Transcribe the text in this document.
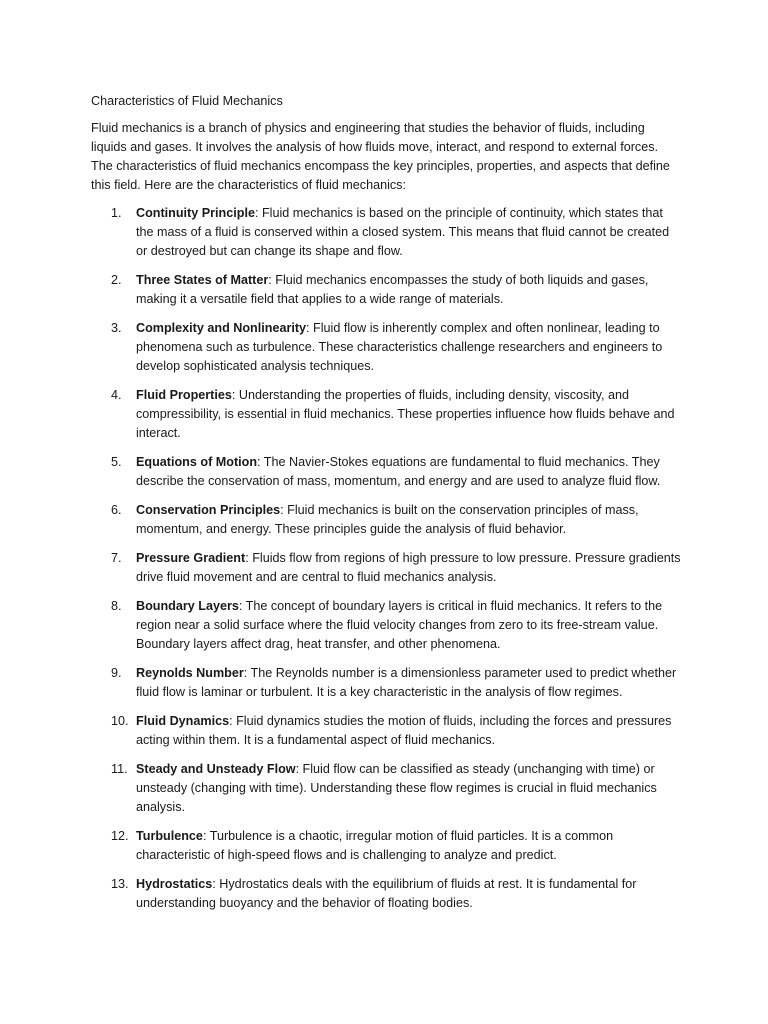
Characteristics of Fluid Mechanics

Fluid mechanics is a branch of physics and engineering that studies the behavior of fluids, including liquids and gases. It involves the analysis of how fluids move, interact, and respond to external forces. The characteristics of fluid mechanics encompass the key principles, properties, and aspects that define this field. Here are the characteristics of fluid mechanics:

1.	Continuity Principle: Fluid mechanics is based on the principle of continuity, which states that the mass of a fluid is conserved within a closed system. This means that fluid cannot be created or destroyed but can change its shape and flow.
2.	Three States of Matter: Fluid mechanics encompasses the study of both liquids and gases, making it a versatile field that applies to a wide range of materials.
3.	Complexity and Nonlinearity: Fluid flow is inherently complex and often nonlinear, leading to phenomena such as turbulence. These characteristics challenge researchers and engineers to develop sophisticated analysis techniques.
4.	Fluid Properties: Understanding the properties of fluids, including density, viscosity, and compressibility, is essential in fluid mechanics. These properties influence how fluids behave and interact.
5.	Equations of Motion: The Navier-Stokes equations are fundamental to fluid mechanics. They describe the conservation of mass, momentum, and energy and are used to analyze fluid flow.
6.	Conservation Principles: Fluid mechanics is built on the conservation principles of mass, momentum, and energy. These principles guide the analysis of fluid behavior.
7.	Pressure Gradient: Fluids flow from regions of high pressure to low pressure. Pressure gradients drive fluid movement and are central to fluid mechanics analysis.
8.	Boundary Layers: The concept of boundary layers is critical in fluid mechanics. It refers to the region near a solid surface where the fluid velocity changes from zero to its free-stream value. Boundary layers affect drag, heat transfer, and other phenomena.
9.	Reynolds Number: The Reynolds number is a dimensionless parameter used to predict whether fluid flow is laminar or turbulent. It is a key characteristic in the analysis of flow regimes.
10. Fluid Dynamics: Fluid dynamics studies the motion of fluids, including the forces and pressures acting within them. It is a fundamental aspect of fluid mechanics.
11. Steady and Unsteady Flow: Fluid flow can be classified as steady (unchanging with time) or unsteady (changing with time). Understanding these flow regimes is crucial in fluid mechanics analysis.
12. Turbulence: Turbulence is a chaotic, irregular motion of fluid particles. It is a common characteristic of high-speed flows and is challenging to analyze and predict.
13. Hydrostatics: Hydrostatics deals with the equilibrium of fluids at rest. It is fundamental for understanding buoyancy and the behavior of floating bodies.
